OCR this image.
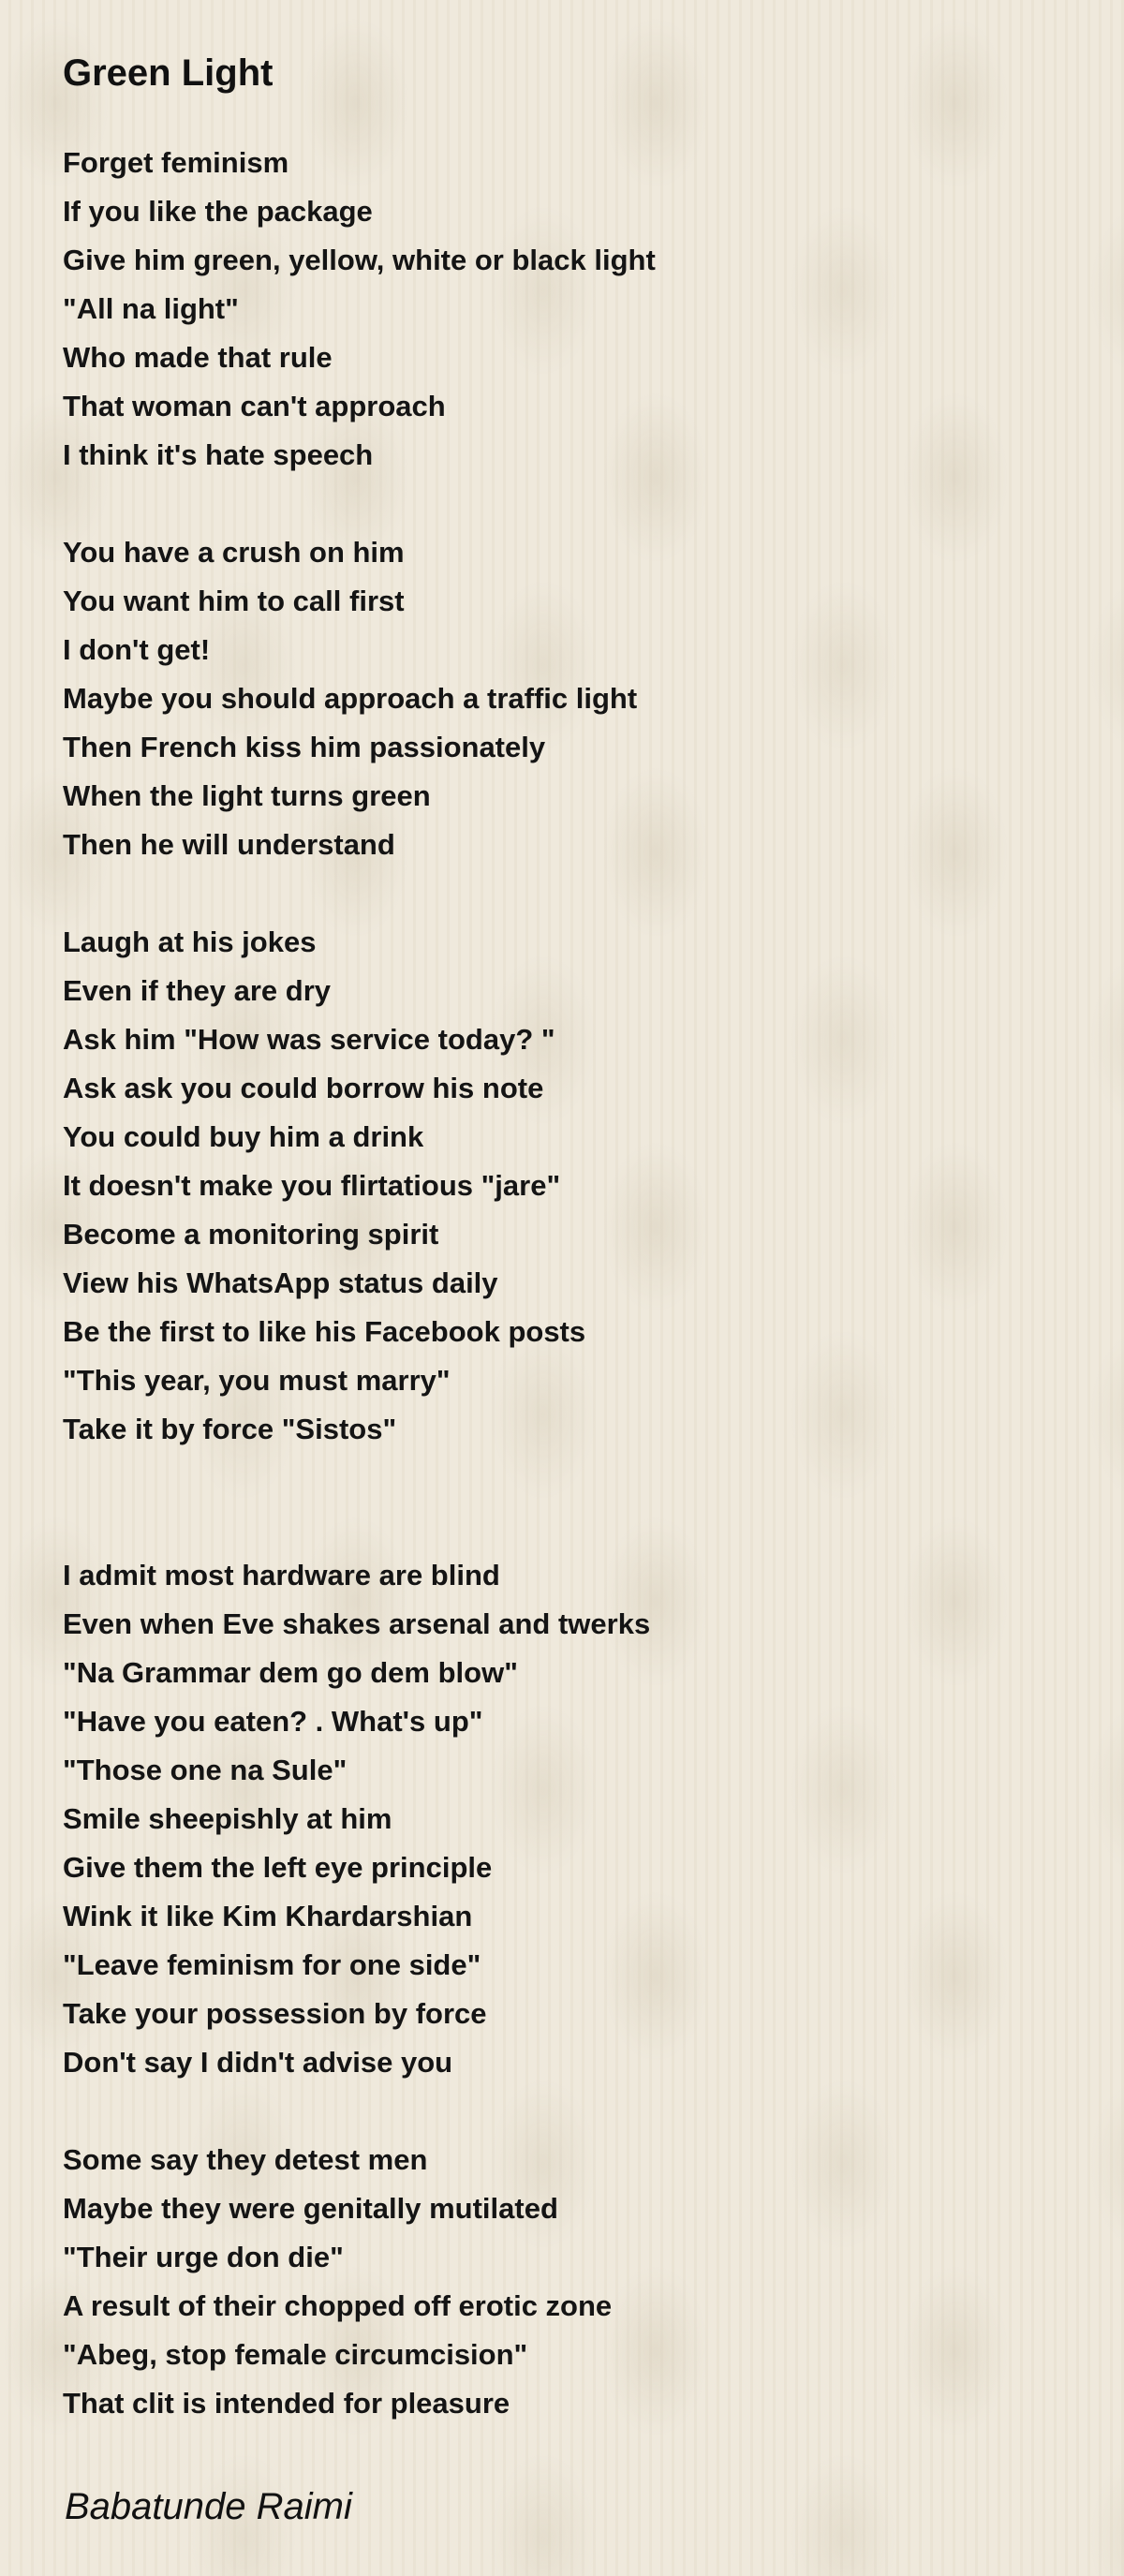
Green Light
Forget feminism
If you like the package
Give him green, yellow, white or black light
"All na light"
Who made that rule
That woman can't approach
I think it's hate speech
You have a crush on him
You want him to call first
I don't get!
Maybe you should approach a traffic light
Then French kiss him passionately
When the light turns green
Then he will understand
Laugh at his jokes
Even if they are dry
Ask him "How was service today? "
Ask ask you could borrow his note
You could buy him a drink
It doesn't make you flirtatious "jare"
Become a monitoring spirit
View his WhatsApp status daily
Be the first to like his Facebook posts
"This year, you must marry"
Take it by force "Sistos"
I admit most hardware are blind
Even when Eve shakes arsenal and twerks
"Na Grammar dem go dem blow"
"Have you eaten? . What's up"
"Those one na Sule"
Smile sheepishly at him
Give them the left eye principle
Wink it like Kim Khardarshian
"Leave feminism for one side"
Take your possession by force
Don't say I didn't advise you
Some say they detest men
Maybe they were genitally mutilated
"Their urge don die"
A result of their chopped off erotic zone
"Abeg, stop female circumcision"
That clit is intended for pleasure
Babatunde Raimi
